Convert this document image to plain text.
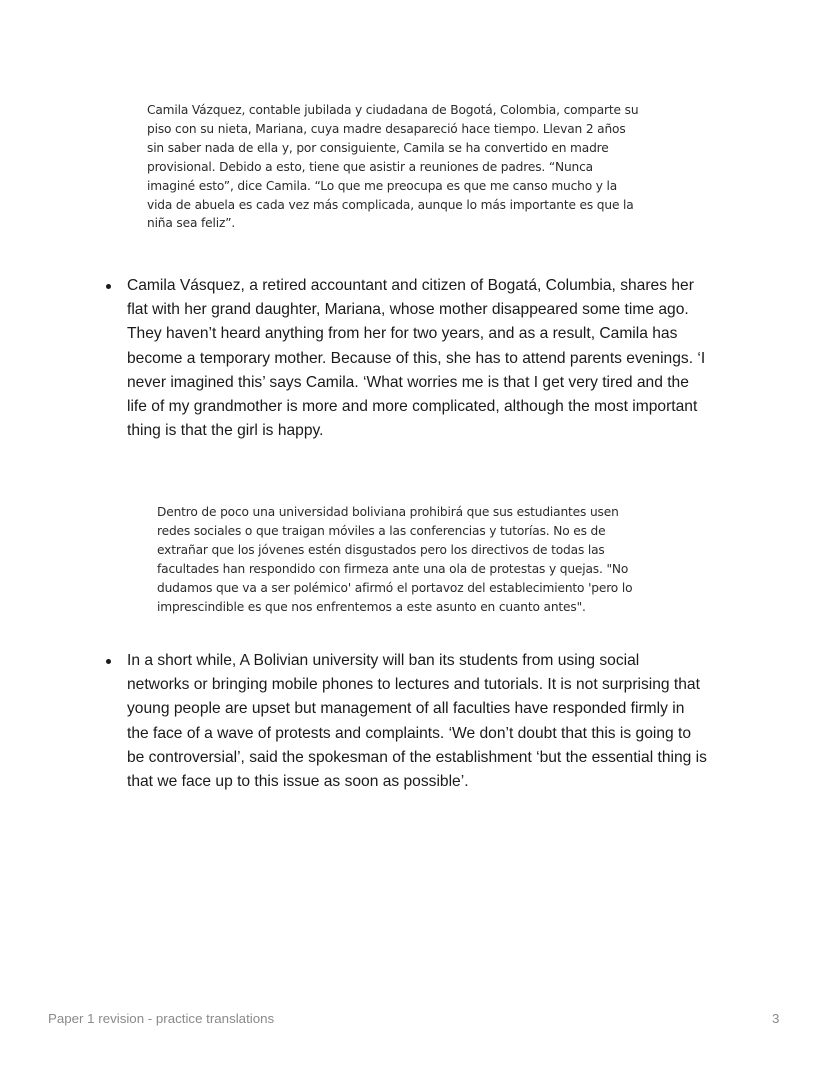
Camila Vázquez, contable jubilada y ciudadana de Bogotá, Colombia, comparte su
piso con su nieta, Mariana, cuya madre desapareció hace tiempo. Llevan 2 años
sin saber nada de ella y, por consiguiente, Camila se ha convertido en madre
provisional. Debido a esto, tiene que asistir a reuniones de padres. “Nunca
imaginé esto”, dice Camila. “Lo que me preocupa es que me canso mucho y la
vida de abuela es cada vez más complicada, aunque lo más importante es que la
niña sea feliz”.
Camila Vásquez, a retired accountant and citizen of Bogatá, Columbia, shares her
flat with her grand daughter, Mariana, whose mother disappeared some time ago.
They haven’t heard anything from her for two years, and as a result, Camila has
become a temporary mother. Because of this, she has to attend parents evenings. ‘I
never imagined this’ says Camila. ‘What worries me is that I get very tired and the
life of my grandmother is more and more complicated, although the most important
thing is that the girl is happy.
Dentro de poco una universidad boliviana prohibirá que sus estudiantes usen
redes sociales o que traigan móviles a las conferencias y tutorías. No es de
extrañar que los jóvenes estén disgustados pero los directivos de todas las
facultades han respondido con firmeza ante una ola de protestas y quejas. "No
dudamos que va a ser polémico' afirmó el portavoz del establecimiento 'pero lo
imprescindible es que nos enfrentemos a este asunto en cuanto antes".
In a short while, A Bolivian university will ban its students from using social
networks or bringing mobile phones to lectures and tutorials. It is not surprising that
young people are upset but management of all faculties have responded firmly in
the face of a wave of protests and complaints. ‘We don’t doubt that this is going to
be controversial’, said the spokesman of the establishment ‘but the essential thing is
that we face up to this issue as soon as possible’.
Paper 1 revision - practice translations	3
